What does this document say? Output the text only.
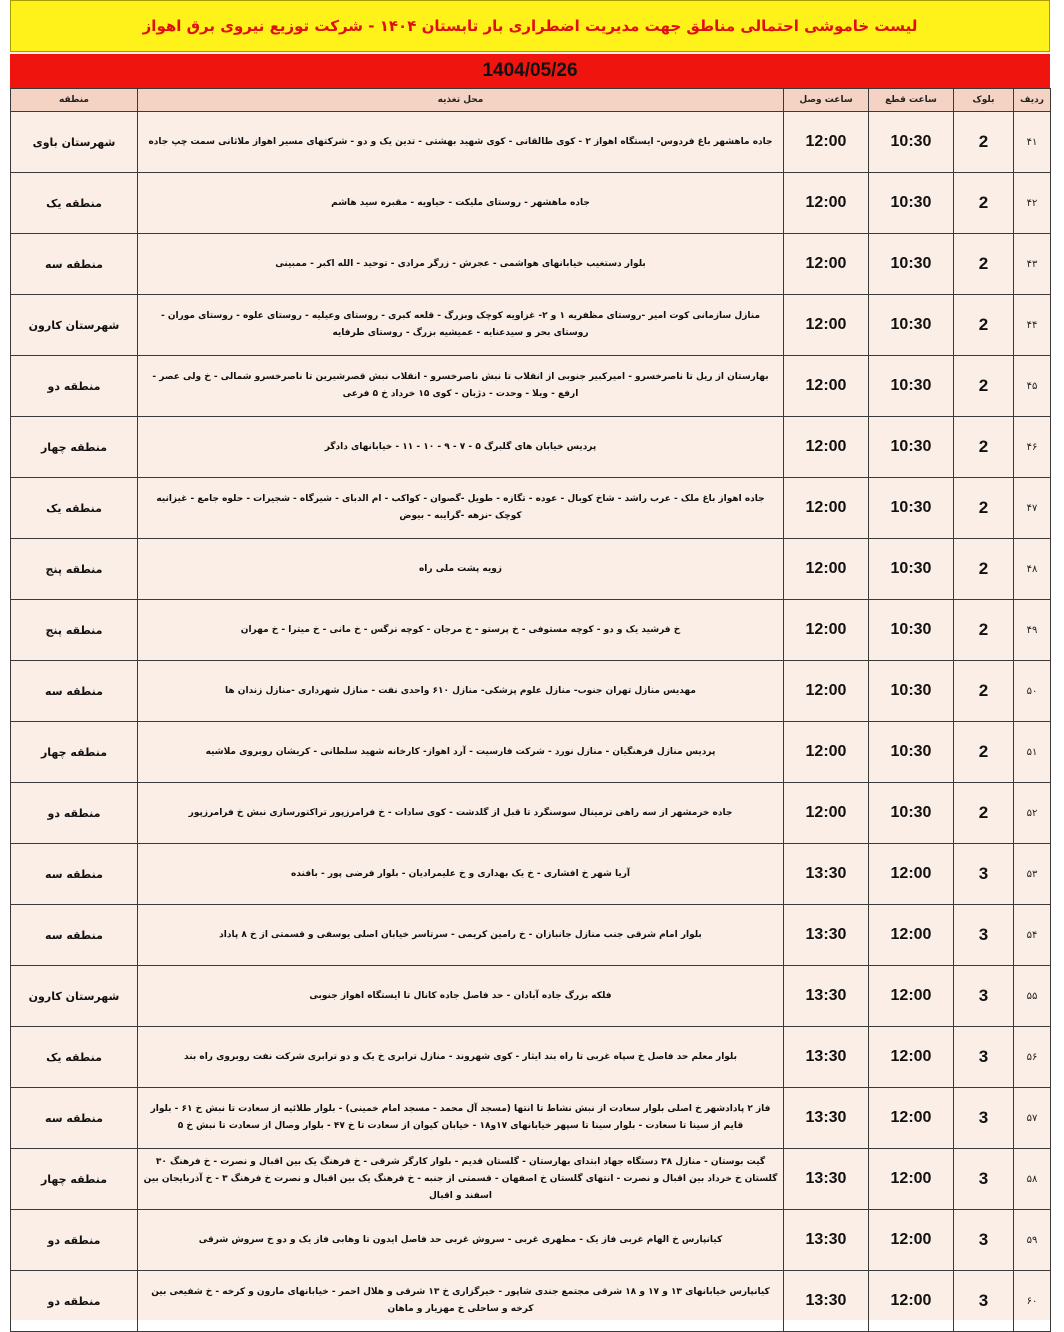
لیست خاموشی احتمالی مناطق جهت مدیریت اضطراری بار تابستان ۱۴۰۴ - شرکت توزیع نیروی برق اهواز
1404/05/26
ردیف	بلوک	ساعت قطع	ساعت وصل	محل تغذیه	منطقه
۴۱	2	10:30	12:00	جاده ماهشهر باغ فردوس- ایستگاه اهواز ۲ - کوی طالقانی - کوی شهید بهشتی - تدین یک و دو - شرکتهای مسیر اهواز ملاثانی سمت چپ جاده	شهرستان باوی
۴۲	2	10:30	12:00	جاده ماهشهر - روستای ملیکت - حیاویه - مقبره سید هاشم	منطقه یک
۴۳	2	10:30	12:00	بلوار دستغیب خیابانهای هواشمی - عجرش - زرگر مرادی - توحید - الله اکبر - ممبینی	منطقه سه
۴۴	2	10:30	12:00	منازل سازمانی کوت امیر -روستای مظفریه ۱ و ۲- غزاویه کوچک وبزرگ - قلعه کبری - روستای وعیلیه - روستای علوه - روستای موران - روستای بحر و سیدعنایه - عمیشیه بزرگ - روستای طرفایه	شهرستان کارون
۴۵	2	10:30	12:00	بهارستان از ریل تا ناصرخسرو - امیرکبیر جنوبی از انقلاب تا نبش ناصرخسرو - انقلاب نبش قصرشیرین تا ناصرخسرو شمالی - خ ولی عصر - ارفع - ویلا - وحدت - دژبان - کوی ۱۵ خرداد خ ۵ فرعی	منطقه دو
۴۶	2	10:30	12:00	پردیس خیابان های گلبرگ ۵ - ۷ - ۹ - ۱۰ - ۱۱ - خیابانهای دادگر	منطقه چهار
۴۷	2	10:30	12:00	جاده اهواز باغ ملک - عرب راشد - شاخ کوبال - عوده - تگازه - طویل -گصوان - کواکب - ام الدبای - شیرگاه - شجیرات - حلوه جامع - غیزانیه کوچک -نزهه -گرایبه - بیوض	منطقه یک
۴۸	2	10:30	12:00	زویه پشت ملی راه	منطقه پنج
۴۹	2	10:30	12:00	خ فرشید یک و دو - کوچه مستوفی - خ پرستو - خ مرجان - کوچه نرگس - خ مانی - خ میترا - خ مهران	منطقه پنج
۵۰	2	10:30	12:00	مهدیس منازل تهران جنوب- منازل علوم پزشکی- منازل ۶۱۰ واحدی نفت - منازل شهرداری -منازل زندان ها	منطقه سه
۵۱	2	10:30	12:00	پردیس منازل فرهنگیان - منازل نورد - شرکت فارسیت - آرد اهواز- کارخانه شهید سلطانی - کریشان روبروی ملاشیه	منطقه چهار
۵۲	2	10:30	12:00	جاده خرمشهر از سه راهی ترمینال سوسنگرد تا قبل از گلدشت - کوی سادات - خ فرامرزپور تراکتورسازی نبش خ فرامرزپور	منطقه دو
۵۳	3	12:00	13:30	آریا شهر خ افشاری - خ یک بهداری و خ علیمرادیان - بلوار فرضی پور - بافنده	منطقه سه
۵۴	3	12:00	13:30	بلوار امام شرقی جنب منازل جانبازان - خ رامین کریمی - سرتاسر خیابان اصلی یوسفی و قسمتی از خ ۸ پاداد	منطقه سه
۵۵	3	12:00	13:30	فلکه بزرگ جاده آبادان - حد فاصل جاده کانال تا ایستگاه اهواز جنوبی	شهرستان کارون
۵۶	3	12:00	13:30	بلوار معلم حد فاصل خ سپاه غربی تا راه بند ایثار - کوی شهروند - منازل ترابری خ یک و دو ترابری شرکت نفت روبروی راه بند	منطقه یک
۵۷	3	12:00	13:30	فاز ۲ پادادشهر خ اصلی بلوار سعادت از نبش نشاط تا انتها (مسجد آل محمد - مسجد امام خمینی) - بلوار طلائیه از سعادت تا نبش خ ۶۱ - بلوار قایم از سینا تا سعادت - بلوار سینا تا سپهر خیابانهای ۱۷و۱۸ - خیابان کیوان از سعادت تا خ ۴۷ - بلوار وصال از سعادت تا نبش خ ۵	منطقه سه
۵۸	3	12:00	13:30	گیت بوستان - منازل ۳۸ دستگاه جهاد ابتدای بهارستان - گلستان قدیم - بلوار کارگر شرقی - خ فرهنگ یک بین اقبال و نصرت - خ فرهنگ ۳۰ گلستان خ خرداد بین اقبال و نصرت - انتهای گلستان خ اصفهان - قسمتی از جنبه - خ فرهنگ یک بین اقبال و نصرت خ فرهنگ ۳ - خ آذربایجان بین اسفند و اقبال	منطقه چهار
۵۹	3	12:00	13:30	کیانپارس خ الهام غربی فاز یک - مطهری غربی - سروش غربی حد فاصل ایدون تا وهابی فاز یک و دو خ سروش شرقی	منطقه دو
۶۰	3	12:00	13:30	کیانپارس خیابانهای ۱۳ و ۱۷ و ۱۸ شرقی مجتمع جندی شاپور - خیرگزاری خ ۱۳ شرقی و هلال احمر - خیابانهای مارون و کرخه - خ شفیعی بین کرخه و ساحلی خ مهزیار و ماهان	منطقه دو
